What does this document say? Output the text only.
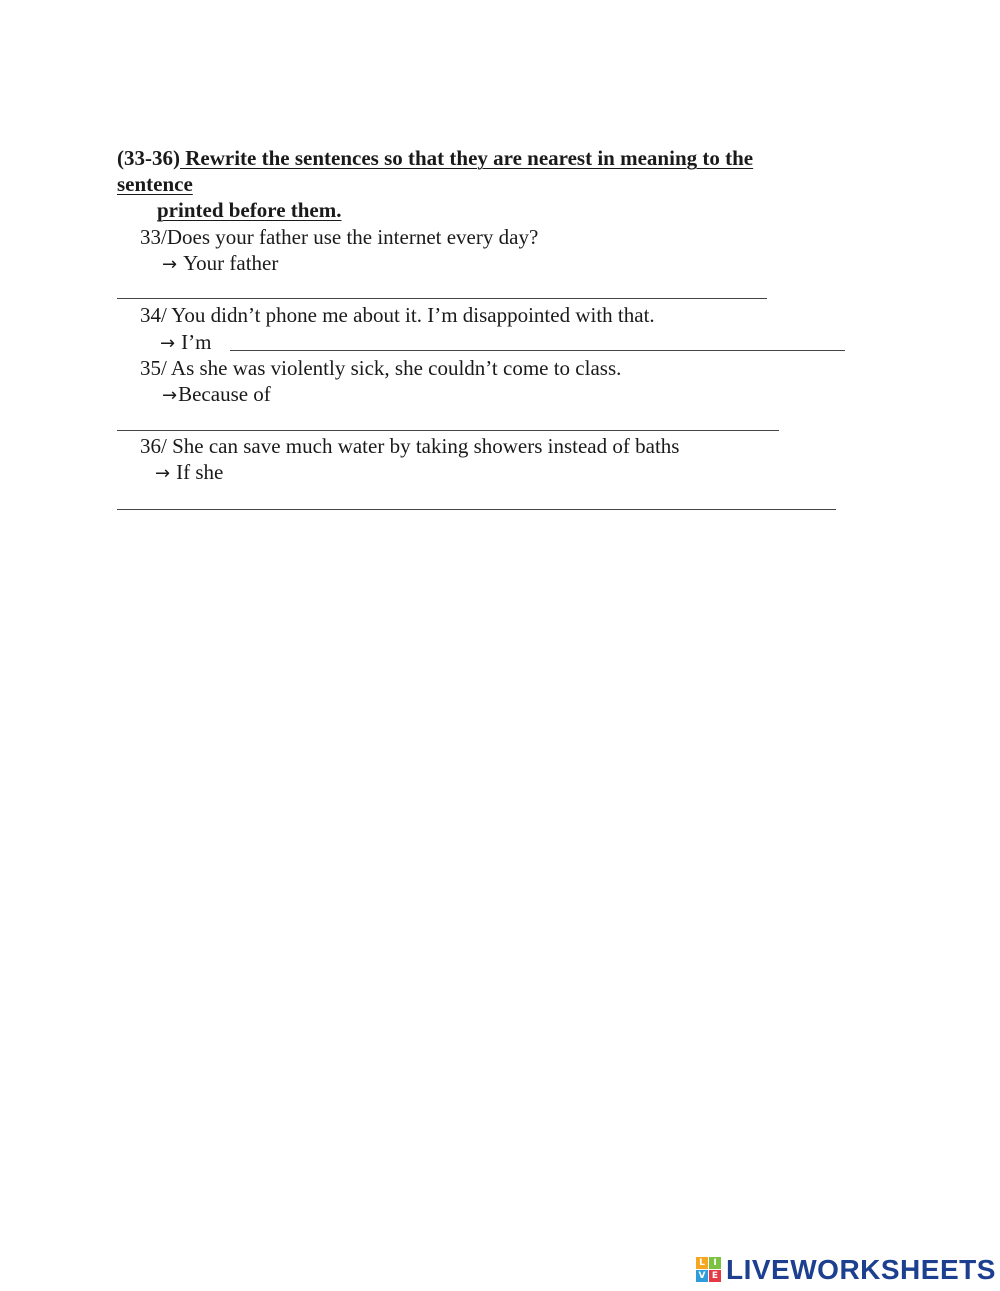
(33-36) Rewrite the sentences so that they are nearest in meaning to the
sentence
printed before them.
33/Does your father use the internet every day?
→ Your father
34/ You didn’t phone me about it. I’m disappointed with that.
→ I’m
35/ As she was violently sick, she couldn’t come to class.
→Because of
36/ She can save much water by taking showers instead of baths
→ If she
L I
V E LIVEWORKSHEETS
